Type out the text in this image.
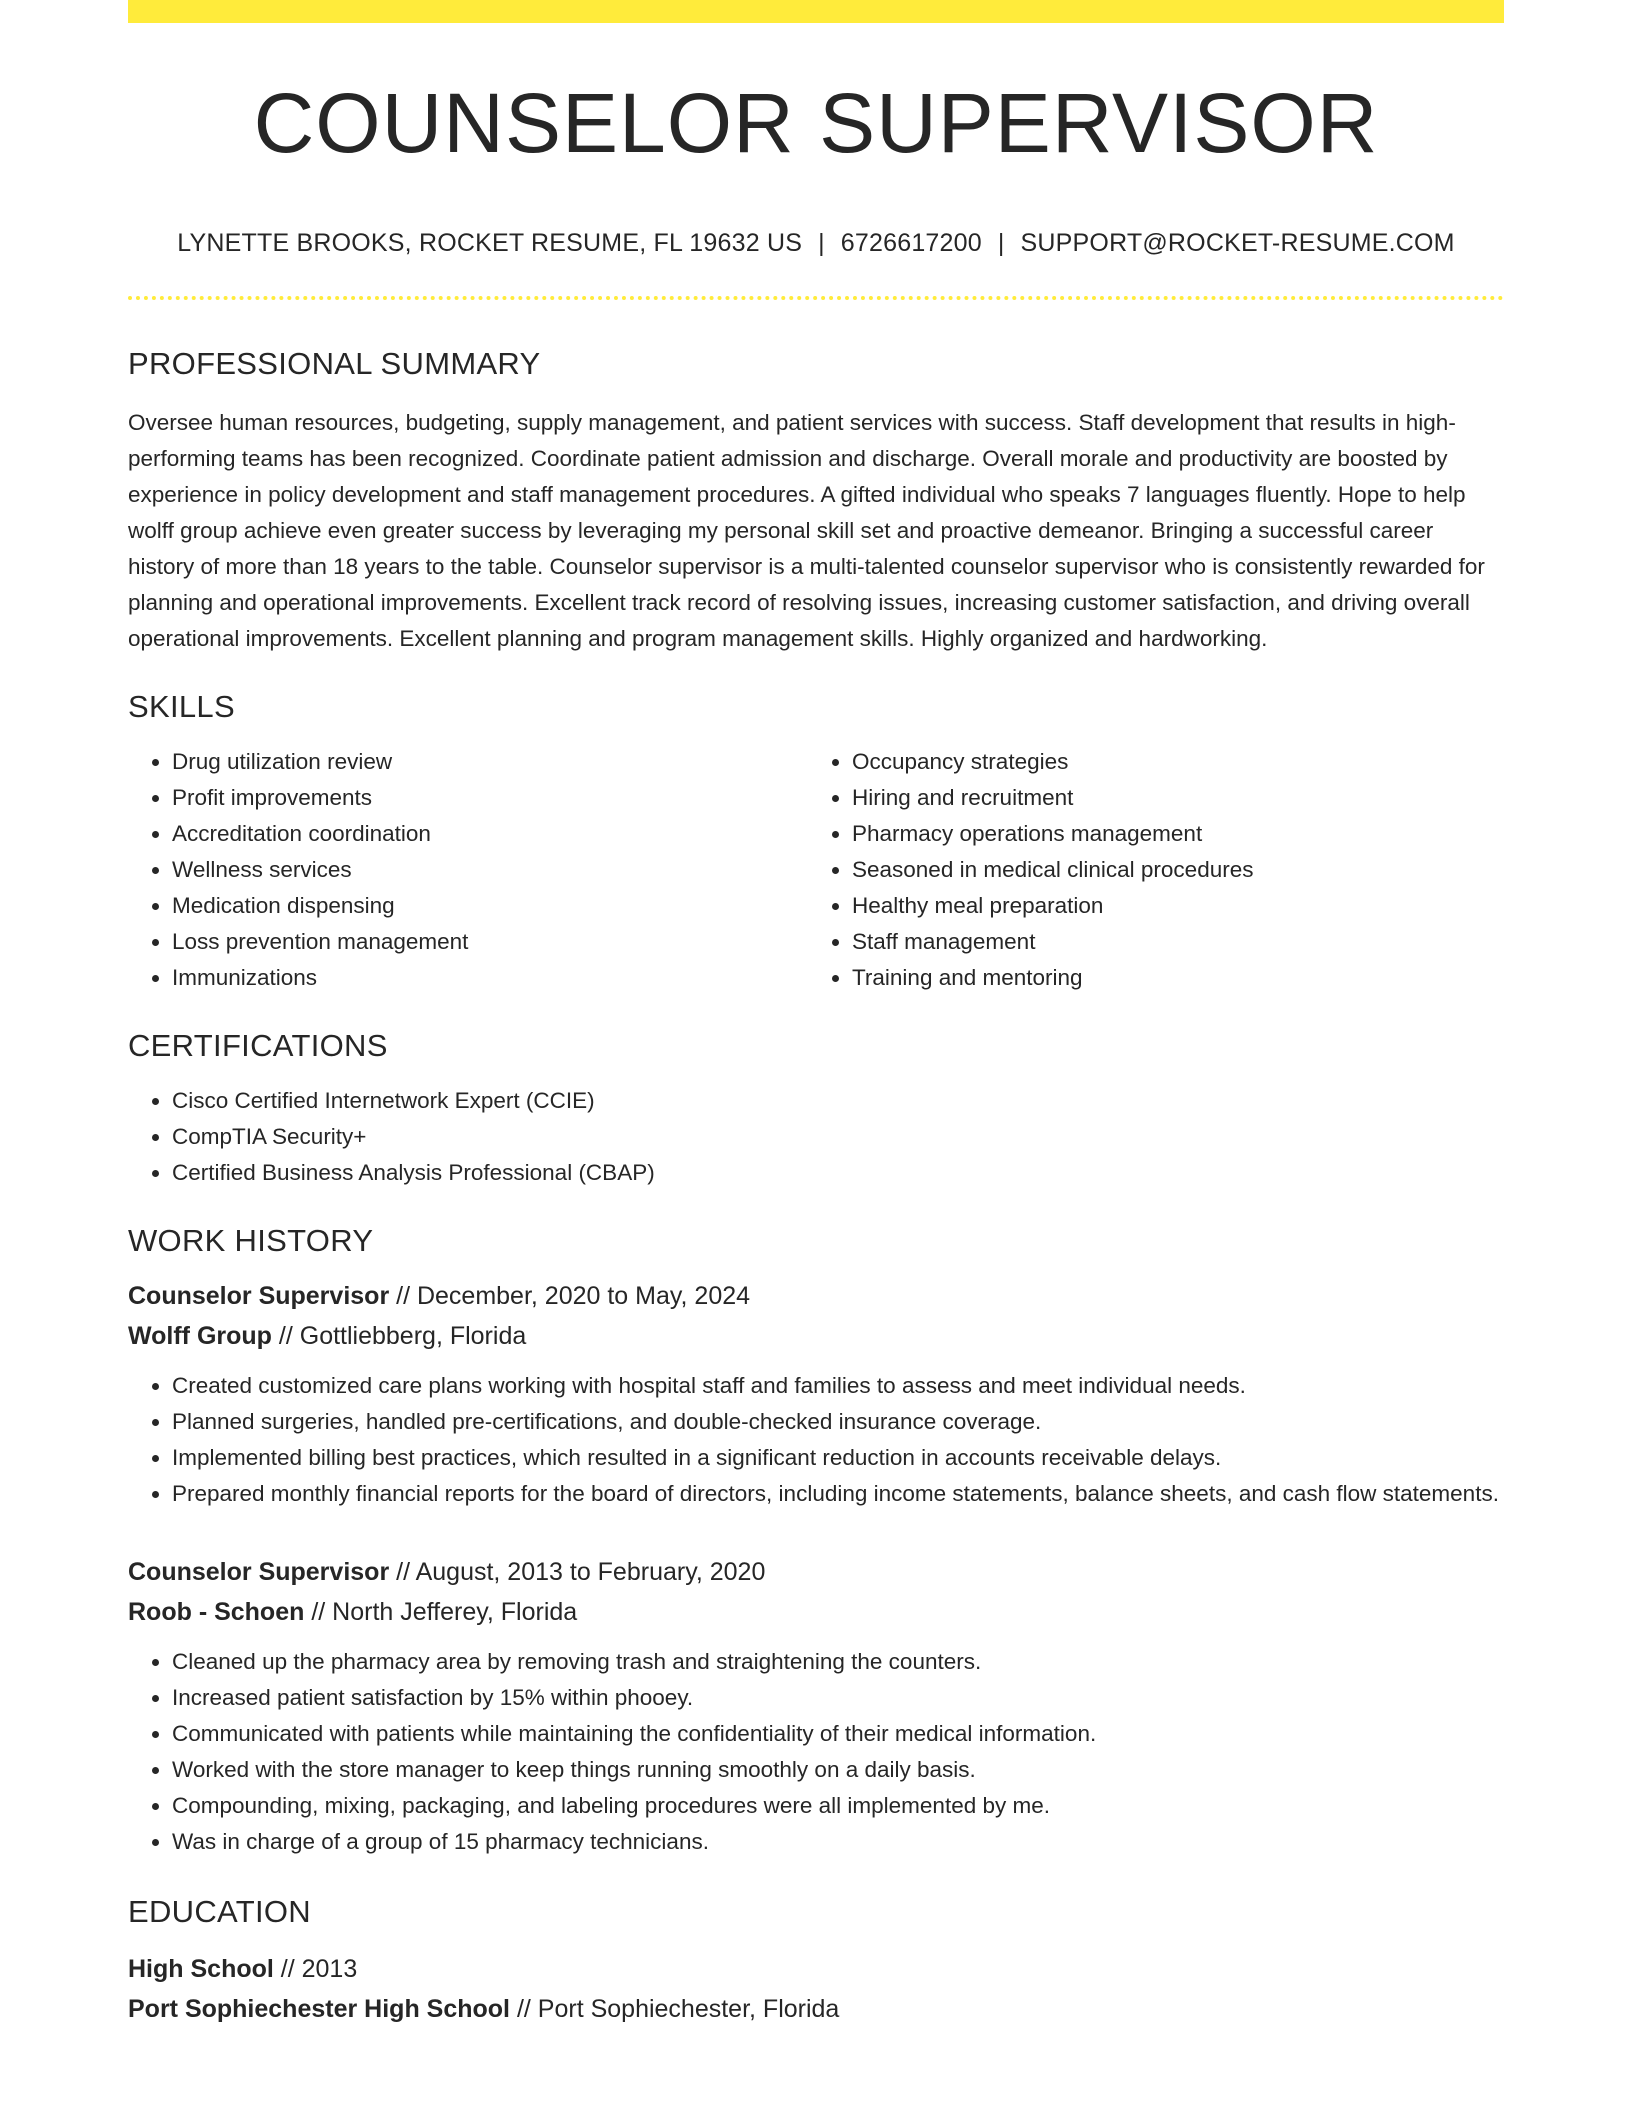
COUNSELOR SUPERVISOR
LYNETTE BROOKS, ROCKET RESUME, FL 19632 US | 6726617200 | SUPPORT@ROCKET-RESUME.COM
PROFESSIONAL SUMMARY

Oversee human resources, budgeting, supply management, and patient services with success. Staff development that results in high-performing teams has been recognized. Coordinate patient admission and discharge. Overall morale and productivity are boosted by experience in policy development and staff management procedures. A gifted individual who speaks 7 languages fluently. Hope to help wolff group achieve even greater success by leveraging my personal skill set and proactive demeanor. Bringing a successful career history of more than 18 years to the table. Counselor supervisor is a multi-talented counselor supervisor who is consistently rewarded for planning and operational improvements. Excellent track record of resolving issues, increasing customer satisfaction, and driving overall operational improvements. Excellent planning and program management skills. Highly organized and hardworking.

SKILLS
• Drug utilization review
• Profit improvements
• Accreditation coordination
• Wellness services
• Medication dispensing
• Loss prevention management
• Immunizations
• Occupancy strategies
• Hiring and recruitment
• Pharmacy operations management
• Seasoned in medical clinical procedures
• Healthy meal preparation
• Staff management
• Training and mentoring
CERTIFICATIONS
• Cisco Certified Internetwork Expert (CCIE)
• CompTIA Security+
• Certified Business Analysis Professional (CBAP)
WORK HISTORY
Counselor Supervisor // December, 2020 to May, 2024
Wolff Group // Gottliebberg, Florida
• Created customized care plans working with hospital staff and families to assess and meet individual needs.
• Planned surgeries, handled pre-certifications, and double-checked insurance coverage.
• Implemented billing best practices, which resulted in a significant reduction in accounts receivable delays.
• Prepared monthly financial reports for the board of directors, including income statements, balance sheets, and cash flow statements.
Counselor Supervisor // August, 2013 to February, 2020
Roob - Schoen // North Jefferey, Florida
• Cleaned up the pharmacy area by removing trash and straightening the counters.
• Increased patient satisfaction by 15% within phooey.
• Communicated with patients while maintaining the confidentiality of their medical information.
• Worked with the store manager to keep things running smoothly on a daily basis.
• Compounding, mixing, packaging, and labeling procedures were all implemented by me.
• Was in charge of a group of 15 pharmacy technicians.
EDUCATION
High School // 2013
Port Sophiechester High School // Port Sophiechester, Florida
